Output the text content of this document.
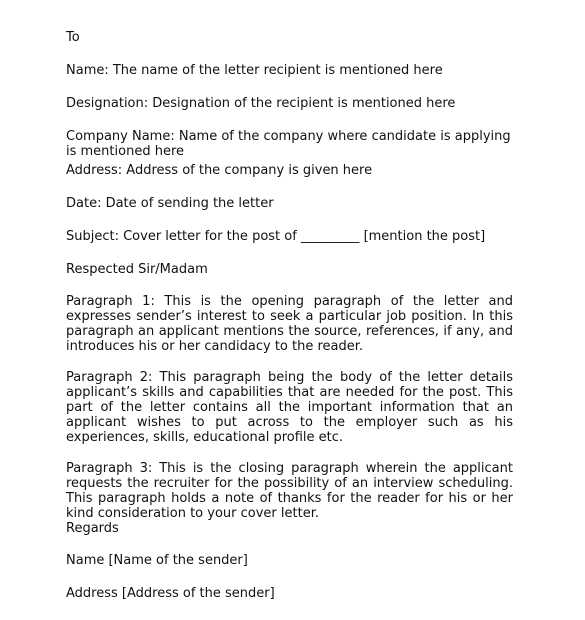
To
Name: The name of the letter recipient is mentioned here
Designation: Designation of the recipient is mentioned here
Company Name: Name of the company where candidate is applying is mentioned here
Address: Address of the company is given here
Date: Date of sending the letter
Subject: Cover letter for the post of _________ [mention the post]
Respected Sir/Madam
Paragraph 1: This is the opening paragraph of the letter and expresses sender’s interest to seek a particular job position. In this paragraph an applicant mentions the source, references, if any, and introduces his or her candidacy to the reader.
Paragraph 2: This paragraph being the body of the letter details applicant’s skills and capabilities that are needed for the post. This part of the letter contains all the important information that an applicant wishes to put across to the employer such as his experiences, skills, educational profile etc.
Paragraph 3: This is the closing paragraph wherein the applicant requests the recruiter for the possibility of an interview scheduling. This paragraph holds a note of thanks for the reader for his or her kind consideration to your cover letter.
Regards
Name [Name of the sender]
Address [Address of the sender]
